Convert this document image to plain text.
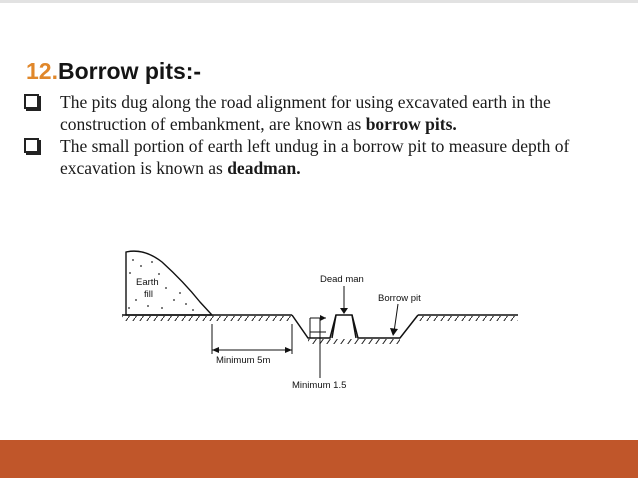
12.Borrow pits:-
The pits dug along the road alignment for using excavated earth in the construction of embankment, are known as borrow pits.
The small portion of earth left undug in a borrow pit to measure depth of excavation is known as deadman.
Earth
fill
Dead man
Borrow pit
Minimum 5m
Minimum 1.5
